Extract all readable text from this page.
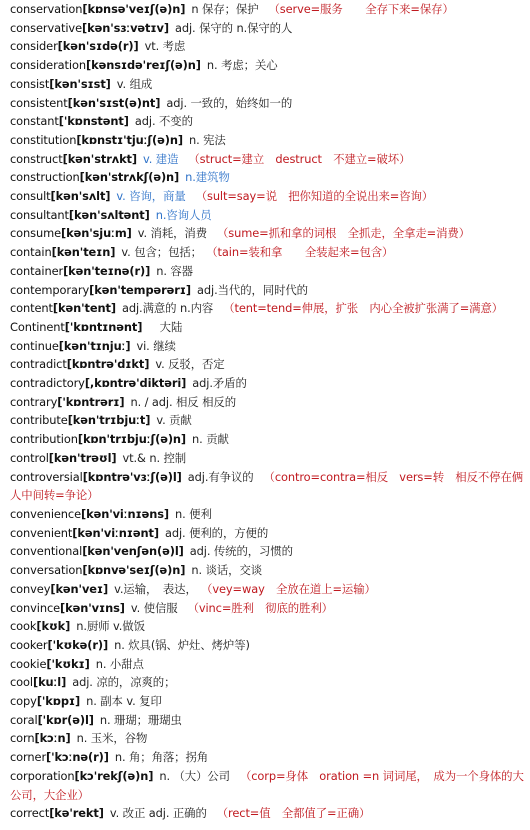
conservation[kɒnsə'veɪʃ(ə)n] n 保存；保护 （serve=服务　　全存下来=保存）
conservative[kən'sɜːvətɪv] adj. 保守的 n.保守的人
consider[kən'sɪdə(r)] vt. 考虑
consideration[kənsɪdə'reɪʃ(ə)n] n. 考虑；关心
consist[kən'sɪst] v. 组成
consistent[kən'sɪst(ə)nt] adj. 一致的，始终如一的
constant['kɒnstənt] adj. 不变的
constitution[kɒnstɪ'tjuːʃ(ə)n] n. 宪法
construct[kən'strʌkt] v. 建造 （struct=建立　destruct　不建立=破坏）
construction[kən'strʌkʃ(ə)n] n.建筑物
consult[kən'sʌlt] v. 咨询，商量 （sult=say=说　把你知道的全说出来=咨询）
consultant[kən'sʌltənt] n.咨询人员
consume[kən'sjuːm] v. 消耗，消费 （sume=抓和拿的词根　全抓走，全拿走=消费）
contain[kən'teɪn] v. 包含；包括； （tain=装和拿　　全装起来=包含）
container[kən'teɪnə(r)] n. 容器
contemporary[kən'tempərərɪ] adj.当代的，同时代的
content[kən'tent] adj.满意的 n.内容 （tent=tend=伸展，扩张　内心全被扩张满了=满意）
Continent['kɒntɪnənt]　大陆
continue[kən'tɪnjuː] vi. 继续
contradict[kɒntrə'dɪkt] v. 反驳，否定
contradictory[,kɒntrə'diktəri] adj.矛盾的
contrary['kɒntrərɪ] n. / adj. 相反 相反的
contribute[kən'trɪbjuːt] v. 贡献
contribution[kɒn'trɪbjuːʃ(ə)n] n. 贡献
control[kən'trəʊl] vt.& n. 控制
controversial[kɒntrə'vɜːʃ(ə)l] adj.有争议的 （contro=contra=相反　vers=转　相反不停在俩人中间转=争论）
convenience[kən'viːnɪəns] n. 便利
convenient[kən'viːnɪənt] adj. 便利的，方便的
conventional[kən'venʃən(ə)l] adj. 传统的，习惯的
conversation[kɒnvə'seɪʃ(ə)n] n. 谈话，交谈
convey[kən'veɪ] v.运输，　表达， （vey=way　全放在道上=运输）
convince[kən'vɪns] v. 使信服 （vinc=胜利　彻底的胜利）
cook[kʊk] n.厨师 v.做饭
cooker['kʊkə(r)] n. 炊具(锅、炉灶、烤炉等)
cookie['kʊkɪ] n. 小甜点
cool[kuːl] adj. 凉的，凉爽的；
copy['kɒpɪ] n. 副本 v. 复印
coral['kɒr(ə)l] n. 珊瑚；珊瑚虫
corn[kɔːn] n. 玉米，谷物
corner['kɔːnə(r)] n. 角；角落；拐角
corporation[kɔ'rekʃ(ə)n] n. （大）公司 （corp=身体　oration =n 词词尾，　成为一个身体的大公司，大企业）
correct[kə'rekt] v. 改正 adj. 正确的 （rect=值　全都值了=正确）
